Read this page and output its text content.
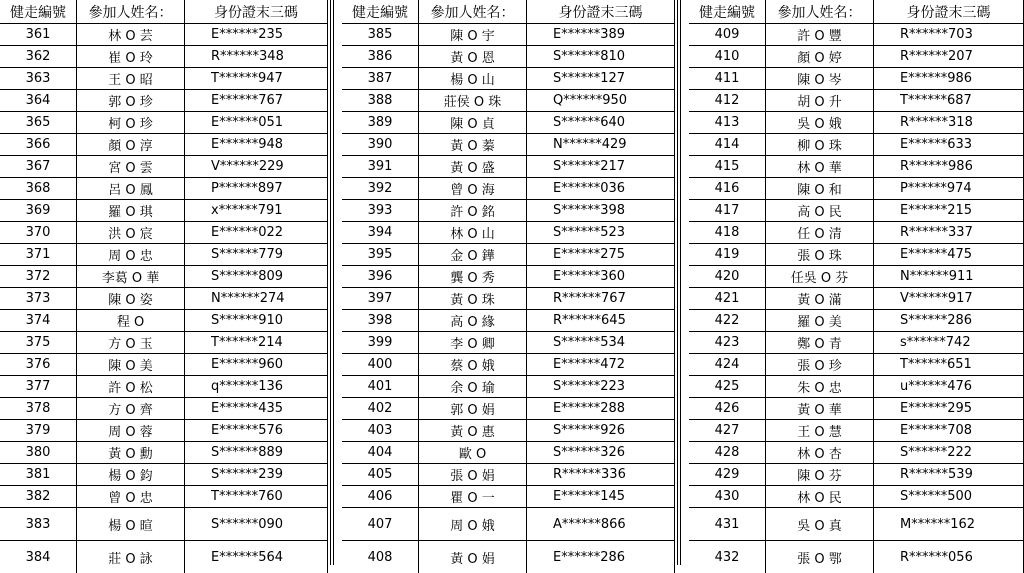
健走編號	參加人姓名：	身份證末三碼
361	林 O 芸	E******235
362	崔 O 玲	R******348
363	王 O 昭	T******947
364	郭 O 珍	E******767
365	柯 O 珍	E******051
366	顏 O 淳	E******948
367	宮 O 雲	V******229
368	呂 O 鳳	P******897
369	羅 O 琪	x******791
370	洪 O 宸	E******022
371	周 O 忠	S******779
372	李葛 O 華	S******809
373	陳 O 姿	N******274
374	程 O	S******910
375	方 O 玉	T******214
376	陳 O 美	E******960
377	許 O 松	q******136
378	方 O 齊	E******435
379	周 O 蓉	E******576
380	黃 O 勳	S******889
381	楊 O 鈞	S******239
382	曾 O 忠	T******760
383	楊 O 暄	S******090
384	莊 O 詠	E******564
健走編號	參加人姓名：	身份證末三碼
385	陳 O 宇	E******389
386	黃 O 恩	S******810
387	楊 O 山	S******127
388	莊侯 O 珠	Q******950
389	陳 O 貞	S******640
390	黃 O 蓁	N******429
391	黃 O 盛	S******217
392	曾 O 海	E******036
393	許 O 銘	S******398
394	林 O 山	S******523
395	金 O 鏵	E******275
396	龔 O 秀	E******360
397	黃 O 珠	R******767
398	高 O 緣	R******645
399	李 O 卿	S******534
400	蔡 O 娥	E******472
401	余 O 瑜	S******223
402	郭 O 娟	E******288
403	黃 O 惠	S******926
404	歐 O	S******326
405	張 O 娟	R******336
406	瞿 O 一	E******145
407	周 O 娥	A******866
408	黃 O 娟	E******286
健走編號	參加人姓名：	身份證末三碼
409	許 O 豐	R******703
410	顏 O 婷	R******207
411	陳 O 岑	E******986
412	胡 O 升	T******687
413	吳 O 娥	R******318
414	柳 O 珠	E******633
415	林 O 華	R******986
416	陳 O 和	P******974
417	高 O 民	E******215
418	任 O 清	R******337
419	張 O 珠	E******475
420	任吳 O 芬	N******911
421	黃 O 滿	V******917
422	羅 O 美	S******286
423	鄭 O 青	s******742
424	張 O 珍	T******651
425	朱 O 忠	u******476
426	黃 O 華	E******295
427	王 O 慧	E******708
428	林 O 杏	S******222
429	陳 O 芬	R******539
430	林 O 民	S******500
431	吳 O 真	M******162
432	張 O 鄂	R******056
